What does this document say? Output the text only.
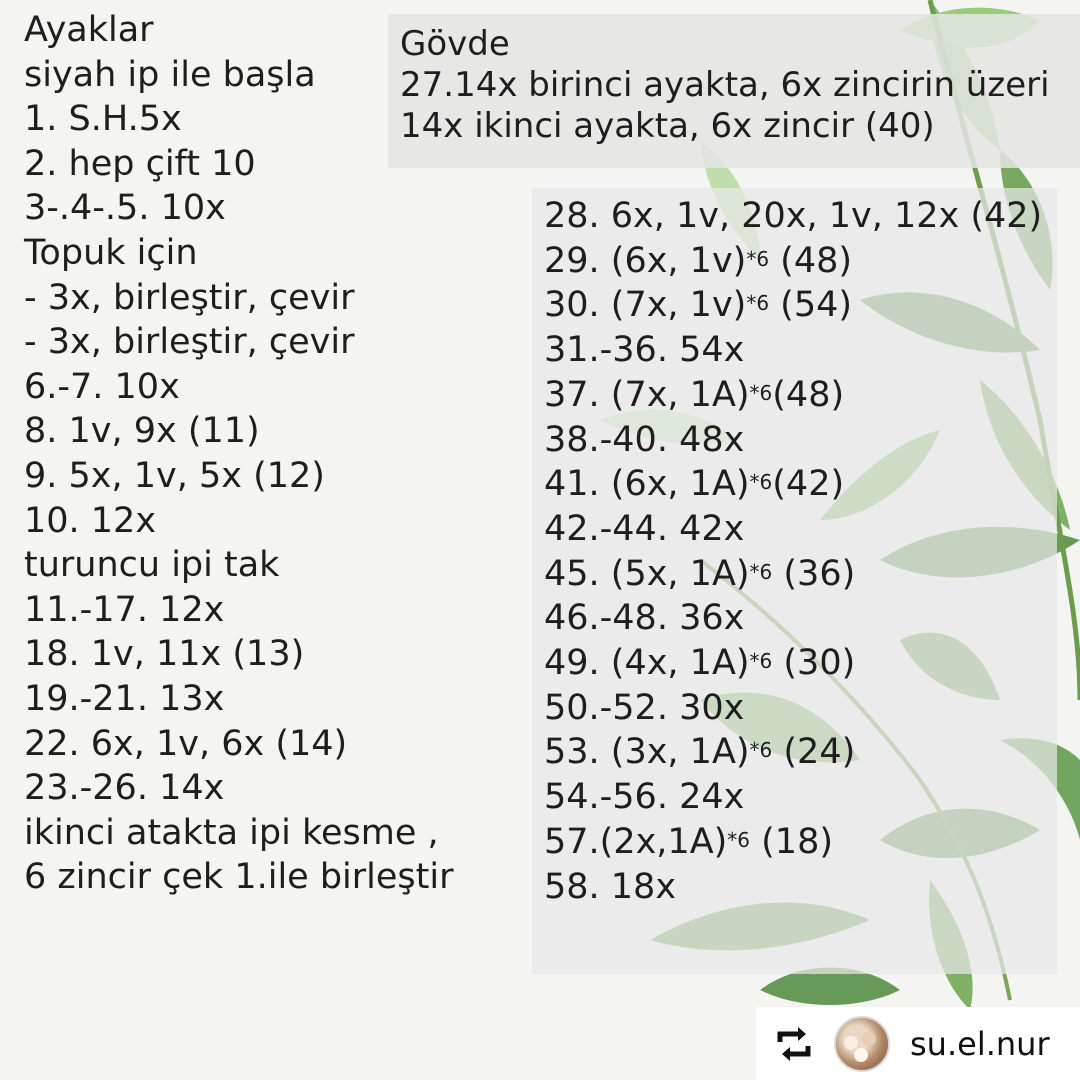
Ayaklar
siyah ip ile başla
1. S.H.5x
2. hep çift 10
3-.4-.5. 10x
Topuk için
- 3x, birleştir, çevir
- 3x, birleştir, çevir
6.-7. 10x
8. 1v, 9x (11)
9. 5x, 1v, 5x (12)
10. 12x
turuncu ipi tak
11.-17. 12x
18. 1v, 11x (13)
19.-21. 13x
22. 6x, 1v, 6x (14)
23.-26. 14x
ikinci atakta ipi kesme ,
6 zincir çek 1.ile birleştir
Gövde
27.14x birinci ayakta, 6x zincirin üzeri
14x ikinci ayakta, 6x zincir (40)
28. 6x, 1v, 20x, 1v, 12x (42)
29. (6x, 1v)$^{*6}$ (48)
30. (7x, 1v)$^{*6}$ (54)
31.-36. 54x
37. (7x, 1A)$^{*6}$(48)
38.-40. 48x
41. (6x, 1A)$^{*6}$(42)
42.-44. 42x
45. (5x, 1A)$^{*6}$ (36)
46.-48. 36x
49. (4x, 1A)$^{*6}$ (30)
50.-52. 30x
53. (3x, 1A)$^{*6}$ (24)
54.-56. 24x
$57.(2x,1A)^{*6}$ (18)
58. 18x
su.el.nur
